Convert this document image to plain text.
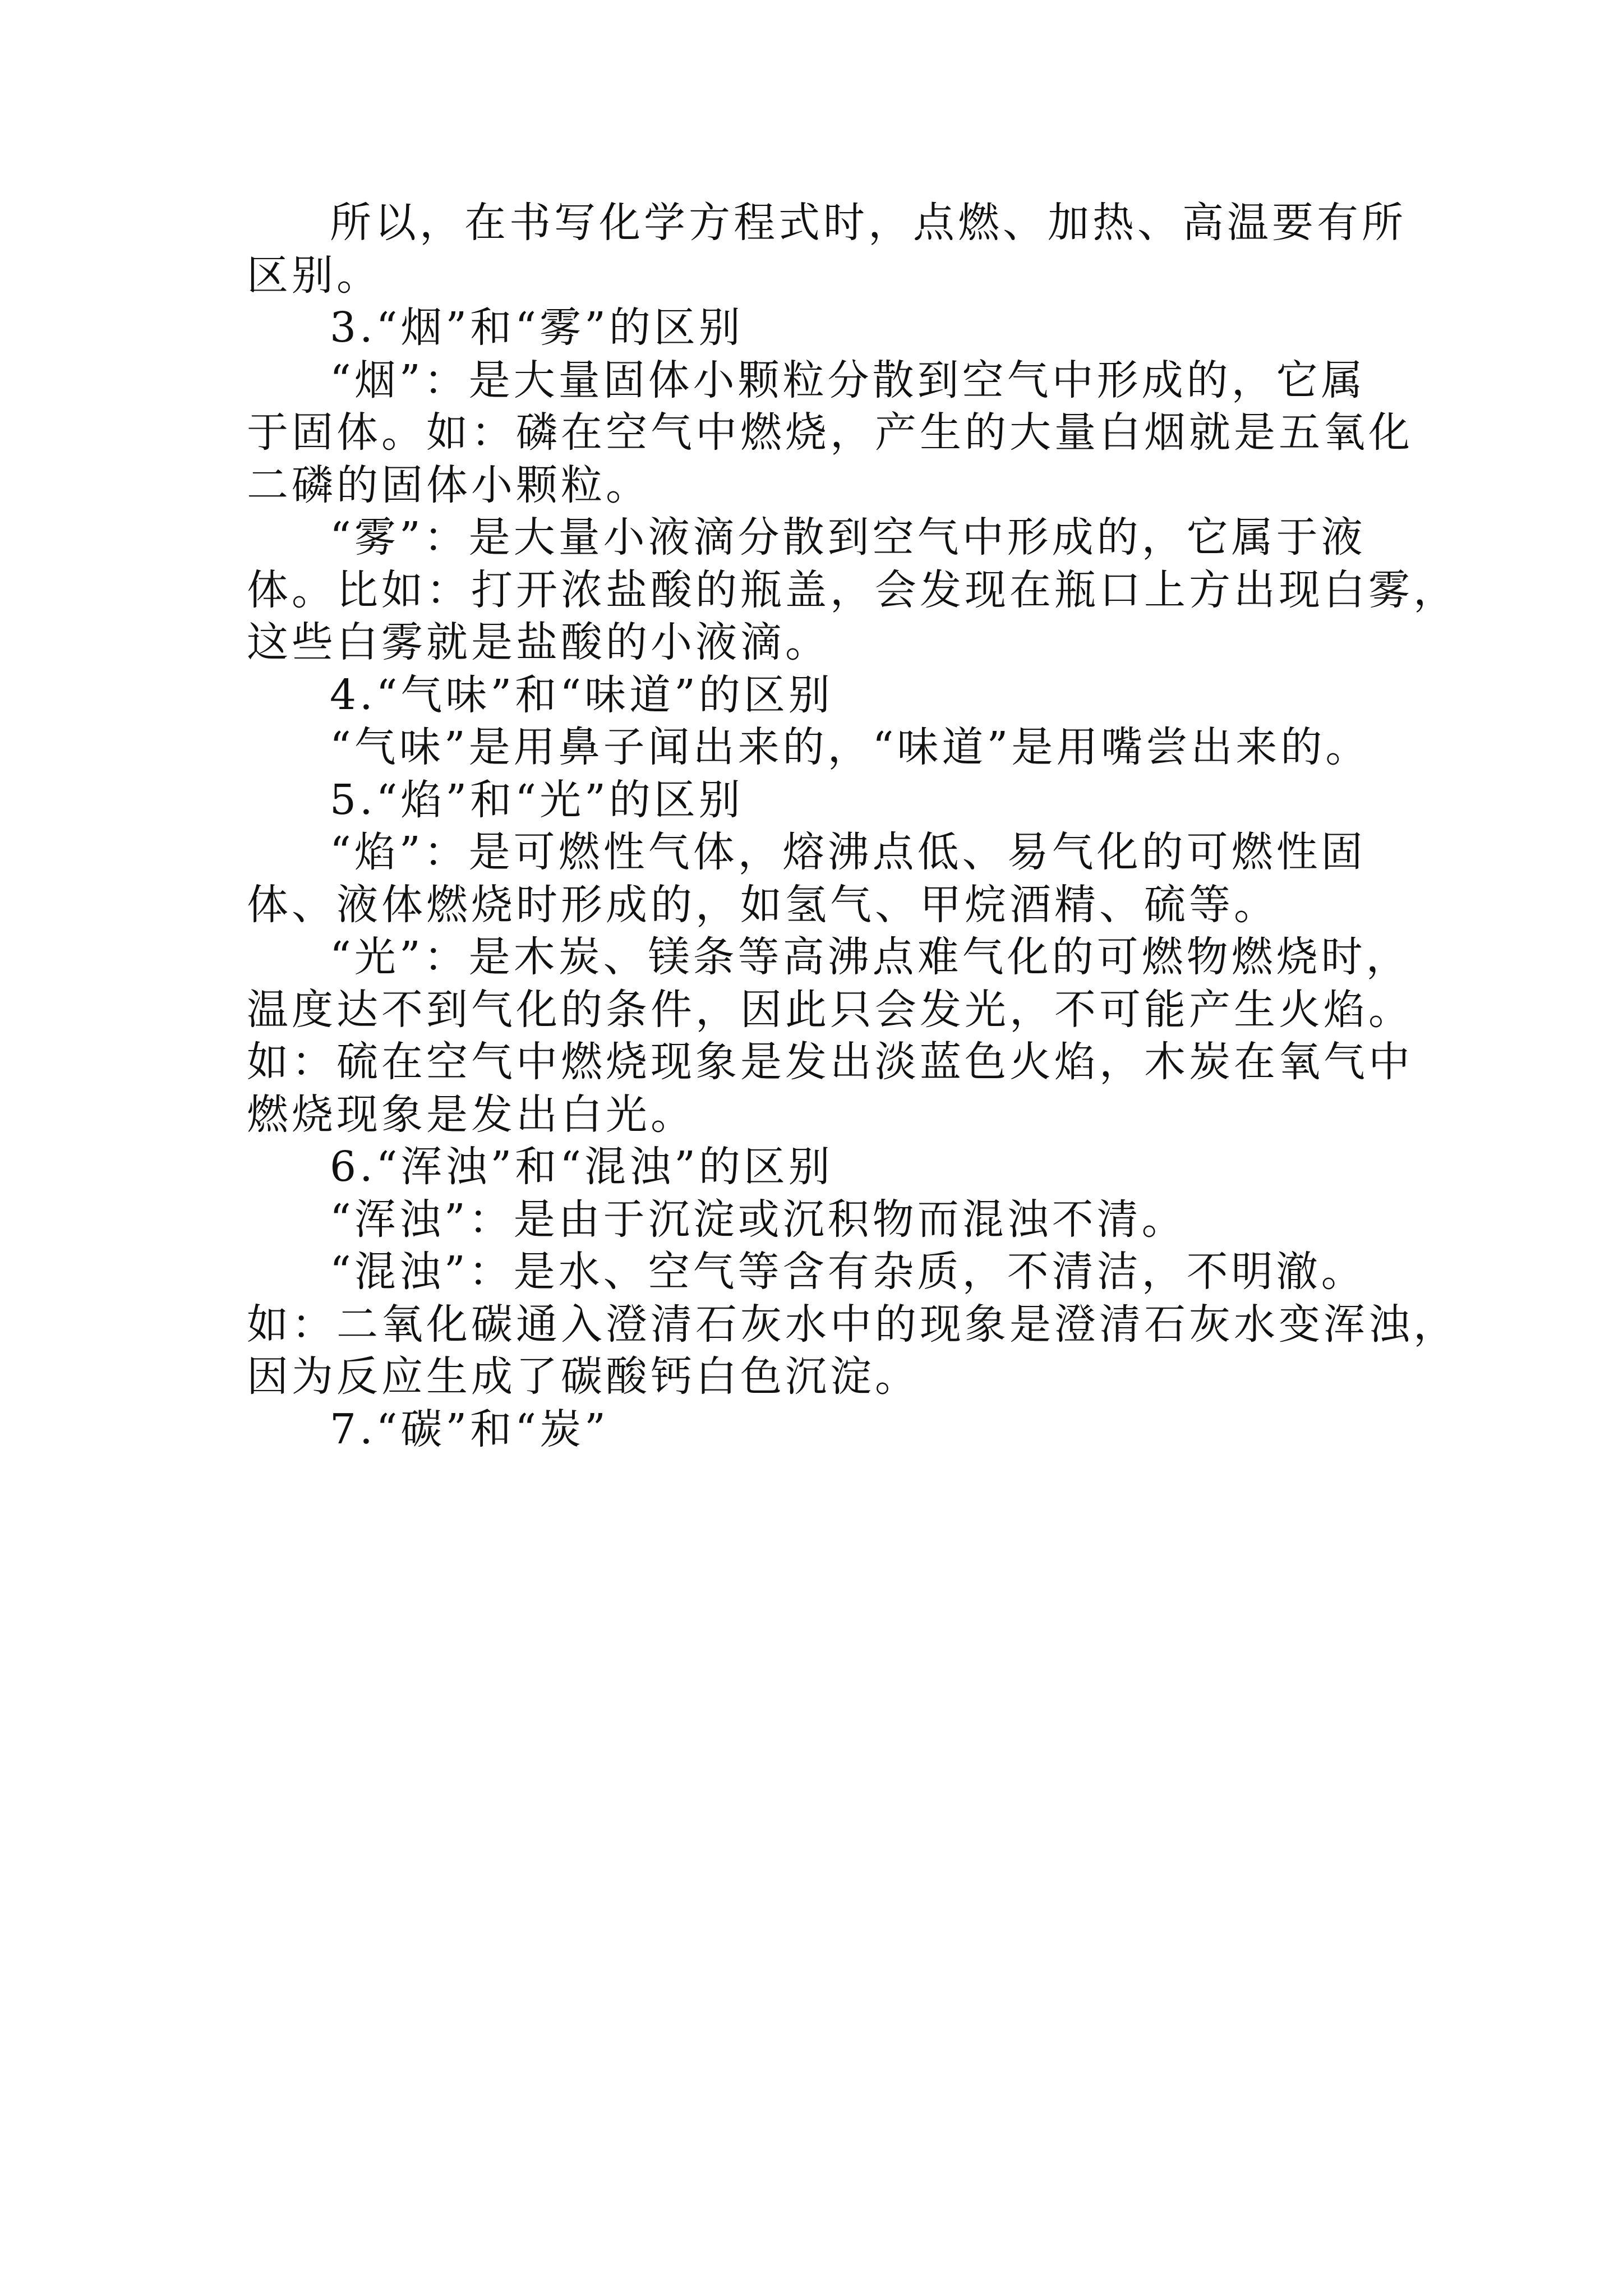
所以，在书写化学方程式时，点燃、加热、高温要有所
区别。
3.“烟”和“雾”的区别
“烟”：是大量固体小颗粒分散到空气中形成的，它属
于固体。如：磷在空气中燃烧，产生的大量白烟就是五氧化
二磷的固体小颗粒。
“雾”：是大量小液滴分散到空气中形成的，它属于液
体。比如：打开浓盐酸的瓶盖，会发现在瓶口上方出现白雾，
这些白雾就是盐酸的小液滴。
4.“气味”和“味道”的区别
“气味”是用鼻子闻出来的，“味道”是用嘴尝出来的。
5.“焰”和“光”的区别
“焰”：是可燃性气体，熔沸点低、易气化的可燃性固
体、液体燃烧时形成的，如氢气、甲烷酒精、硫等。
“光”：是木炭、镁条等高沸点难气化的可燃物燃烧时，
温度达不到气化的条件，因此只会发光，不可能产生火焰。
如：硫在空气中燃烧现象是发出淡蓝色火焰，木炭在氧气中
燃烧现象是发出白光。
6.“浑浊”和“混浊”的区别
“浑浊”：是由于沉淀或沉积物而混浊不清。
“混浊”：是水、空气等含有杂质，不清洁，不明澈。
如：二氧化碳通入澄清石灰水中的现象是澄清石灰水变浑浊，
因为反应生成了碳酸钙白色沉淀。
7.“碳”和“炭”
